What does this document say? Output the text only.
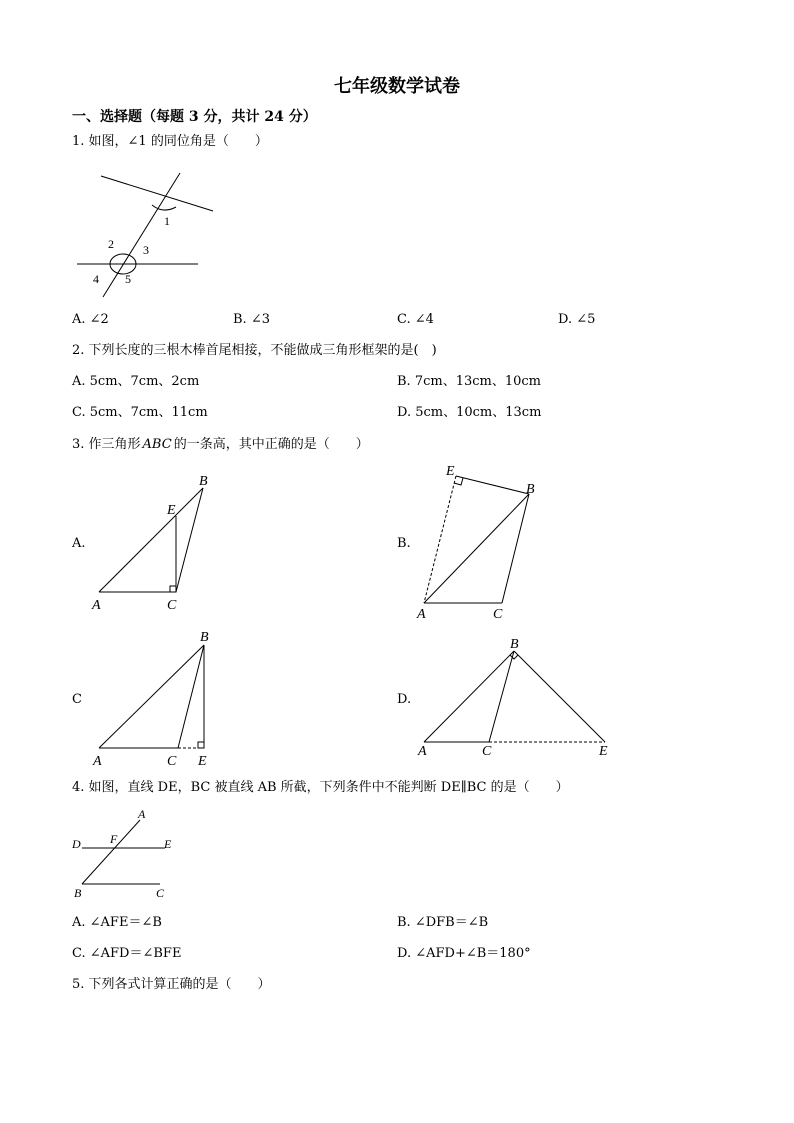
七年级数学试卷
一、选择题（每题 3 分，共计 24 分）
1. 如图，∠1 的同位角是（　　）
1
2 3
4 5
A. ∠2	B. ∠3	C. ∠4	D. ∠5
2. 下列长度的三根木棒首尾相接，不能做成三角形框架的是(　)
A. 5cm、7cm、2cm	B. 7cm、13cm、10cm
C. 5cm、7cm、11cm	D. 5cm、10cm、13cm
3. 作三角形 ABC 的一条高，其中正确的是（　　）
A.	B.
C	D.
B
E
A	C
E
B
A	C
B
A	C E
B
A	C	E
4. 如图，直线 DE，BC 被直线 AB 所截，下列条件中不能判断 DE∥BC 的是（　　）
A
F
D	E
B	C
A. ∠AFE＝∠B	B. ∠DFB＝∠B
C. ∠AFD＝∠BFE	D. ∠AFD+∠B＝180°
5. 下列各式计算正确的是（　　）
